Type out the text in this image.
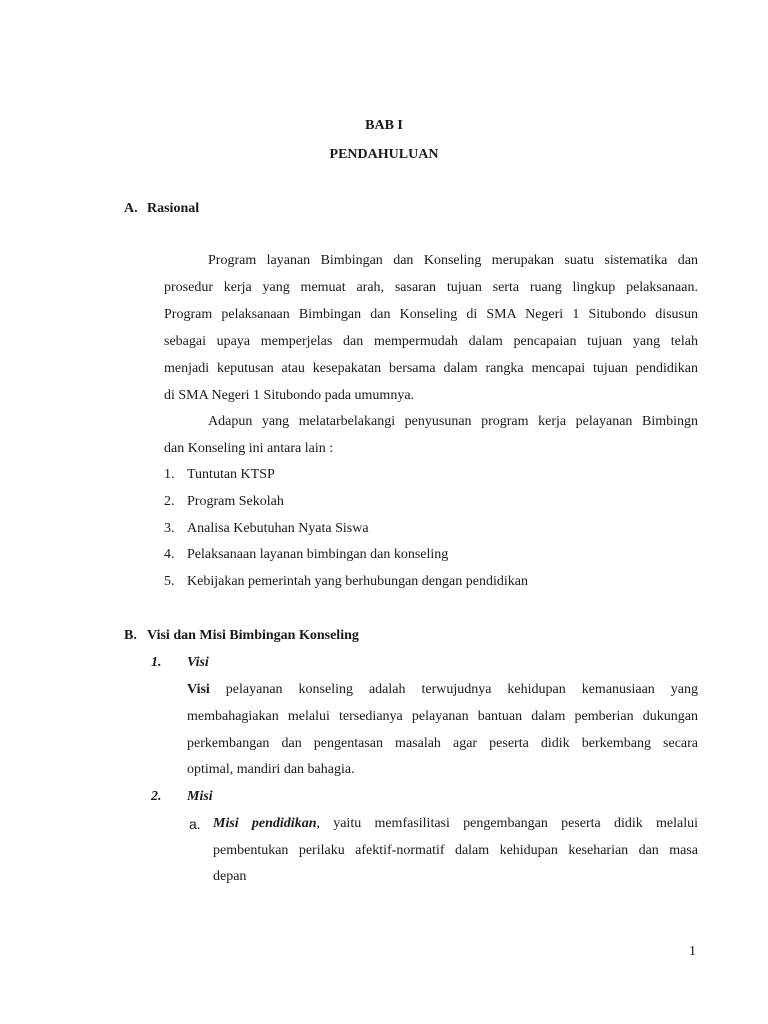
BAB I
PENDAHULUAN
A. Rasional
Program layanan Bimbingan dan Konseling merupakan suatu sistematika dan
prosedur kerja yang memuat arah, sasaran tujuan serta ruang lingkup pelaksanaan.
Program pelaksanaan Bimbingan dan Konseling di SMA Negeri 1 Situbondo disusun
sebagai upaya memperjelas dan mempermudah dalam pencapaian tujuan yang telah
menjadi keputusan atau kesepakatan bersama dalam rangka mencapai tujuan pendidikan
di SMA Negeri 1 Situbondo pada umumnya.
Adapun yang melatarbelakangi penyusunan program kerja pelayanan Bimbingn
dan Konseling ini antara lain :
1. Tuntutan KTSP
2. Program Sekolah
3. Analisa Kebutuhan Nyata Siswa
4. Pelaksanaan layanan bimbingan dan konseling
5. Kebijakan pemerintah yang berhubungan dengan pendidikan
B. Visi dan Misi Bimbingan Konseling
1. Visi
Visi pelayanan konseling adalah terwujudnya kehidupan kemanusiaan yang
membahagiakan melalui tersedianya pelayanan bantuan dalam pemberian dukungan
perkembangan dan pengentasan masalah agar peserta didik berkembang secara
optimal, mandiri dan bahagia.
2. Misi
a. Misi pendidikan, yaitu memfasilitasi pengembangan peserta didik melalui
pembentukan perilaku afektif-normatif dalam kehidupan keseharian dan masa
depan
1
